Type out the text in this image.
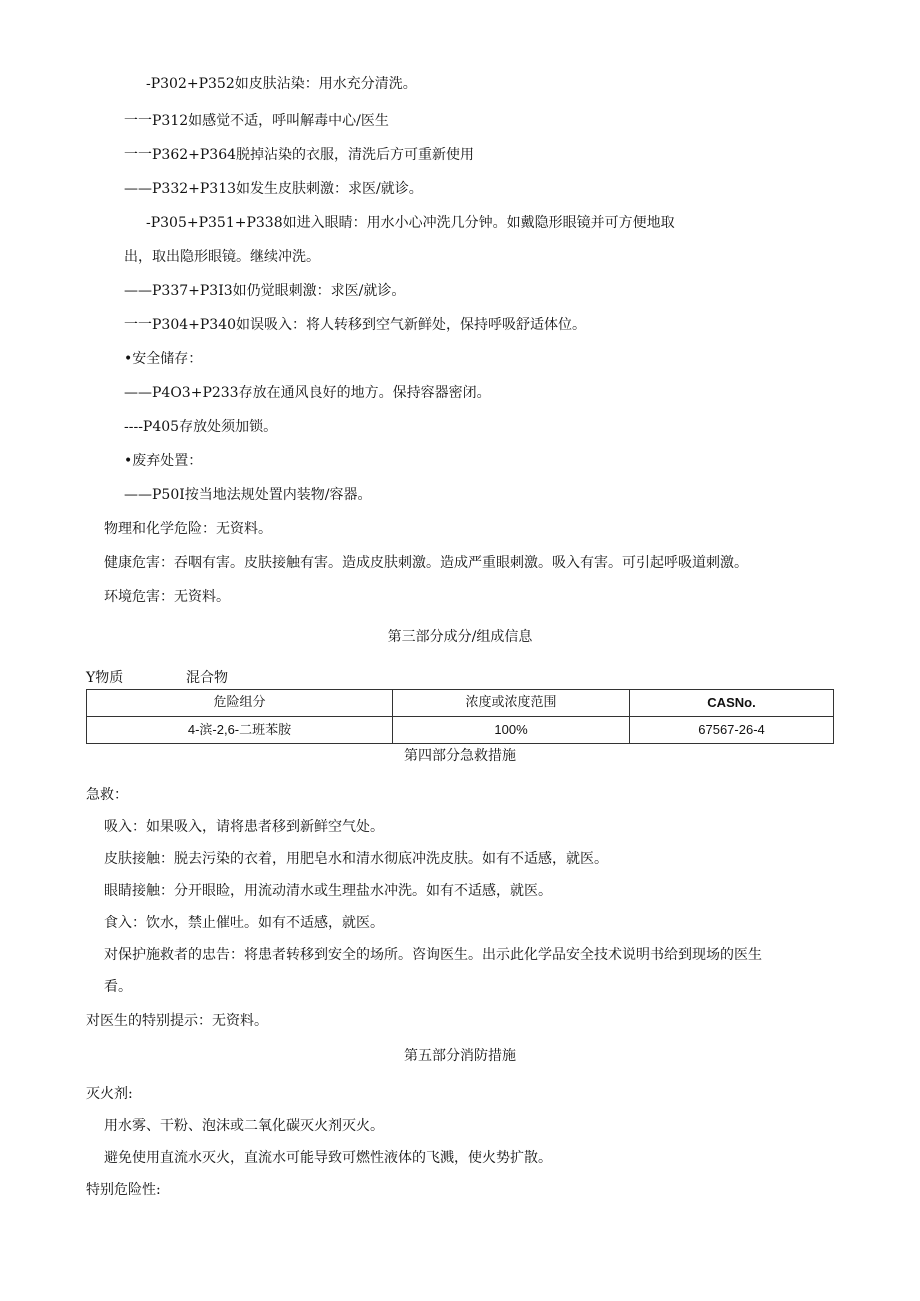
-P302+P352如皮肤沾染：用水充分清洗。
一一P312如感觉不适，呼叫解毒中心/医生
一一P362+P364脱掉沾染的衣服，清洗后方可重新使用
——P332+P313如发生皮肤刺激：求医/就诊。
-P305+P351+P338如进入眼睛：用水小心冲洗几分钟。如戴隐形眼镜并可方便地取
出，取出隐形眼镜。继续冲洗。
——P337+P3I3如仍觉眼刺激：求医/就诊。
一一P304+P340如误吸入：将人转移到空气新鲜处，保持呼吸舒适体位。
•安全储存：
——P4O3+P233存放在通风良好的地方。保持容器密闭。
----P405存放处须加锁。
•废弃处置：
——P50I按当地法规处置内装物/容器。
物理和化学危险：无资料。
健康危害：吞咽有害。皮肤接触有害。造成皮肤刺激。造成严重眼刺激。吸入有害。可引起呼吸道刺激。
环境危害：无资料。
第三部分成分/组成信息
Y物质	混合物
危险组分	浓度或浓度范围	CASNo.
4-滨-2,6-二班苯胺	100%	67567-26-4
第四部分急救措施
急救：
吸入：如果吸入，请将患者移到新鲜空气处。
皮肤接触：脱去污染的衣着，用肥皂水和清水彻底冲洗皮肤。如有不适感，就医。
眼睛接触：分开眼睑，用流动清水或生理盐水冲洗。如有不适感，就医。
食入：饮水，禁止催吐。如有不适感，就医。
对保护施救者的忠告：将患者转移到安全的场所。咨询医生。出示此化学品安全技术说明书给到现场的医生
看。
对医生的特别提示：无资料。
第五部分消防措施
灭火剂:
用水雾、干粉、泡沫或二氧化碳灭火剂灭火。
避免使用直流水灭火，直流水可能导致可燃性液体的飞溅，使火势扩散。
特别危险性:
